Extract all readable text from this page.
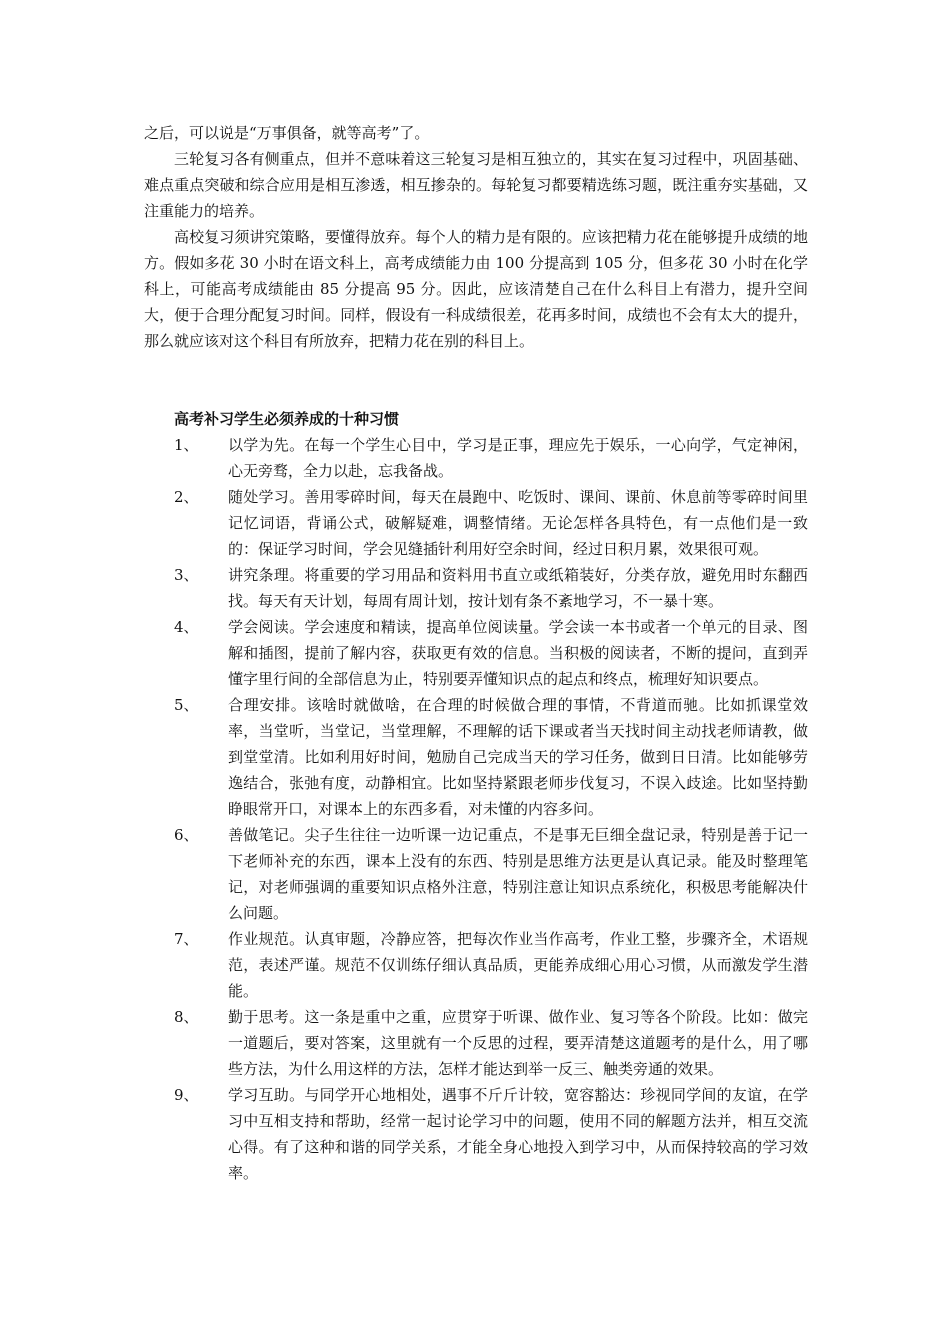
之后，可以说是“万事俱备，就等高考”了。

三轮复习各有侧重点，但并不意味着这三轮复习是相互独立的，其实在复习过程中，巩固基础、难点重点突破和综合应用是相互渗透，相互掺杂的。每轮复习都要精选练习题，既注重夯实基础，又注重能力的培养。

高校复习须讲究策略，要懂得放弃。每个人的精力是有限的。应该把精力花在能够提升成绩的地方。假如多花 30 小时在语文科上，高考成绩能力由 100 分提高到 105 分，但多花 30 小时在化学科上，可能高考成绩能由 85 分提高 95 分。因此，应该清楚自己在什么科目上有潜力，提升空间大，便于合理分配复习时间。同样，假设有一科成绩很差，花再多时间，成绩也不会有太大的提升，那么就应该对这个科目有所放弃，把精力花在别的科目上。

高考补习学生必须养成的十种习惯

1、	以学为先。在每一个学生心目中，学习是正事，理应先于娱乐，一心向学，气定神闲，心无旁骛，全力以赴，忘我备战。
2、	随处学习。善用零碎时间，每天在晨跑中、吃饭时、课间、课前、休息前等零碎时间里记忆词语，背诵公式，破解疑难，调整情绪。无论怎样各具特色，有一点他们是一致的：保证学习时间，学会见缝插针利用好空余时间，经过日积月累，效果很可观。
3、	讲究条理。将重要的学习用品和资料用书直立或纸箱装好，分类存放，避免用时东翻西找。每天有天计划，每周有周计划，按计划有条不紊地学习，不一暴十寒。
4、	学会阅读。学会速度和精读，提高单位阅读量。学会读一本书或者一个单元的目录、图解和插图，提前了解内容，获取更有效的信息。当积极的阅读者，不断的提问，直到弄懂字里行间的全部信息为止，特别要弄懂知识点的起点和终点，梳理好知识要点。
5、	合理安排。该啥时就做啥，在合理的时候做合理的事情，不背道而驰。比如抓课堂效率，当堂听，当堂记，当堂理解，不理解的话下课或者当天找时间主动找老师请教，做到堂堂清。比如利用好时间，勉励自己完成当天的学习任务，做到日日清。比如能够劳逸结合，张弛有度，动静相宜。比如坚持紧跟老师步伐复习，不误入歧途。比如坚持勤睁眼常开口，对课本上的东西多看，对未懂的内容多问。
6、	善做笔记。尖子生往往一边听课一边记重点，不是事无巨细全盘记录，特别是善于记一下老师补充的东西，课本上没有的东西、特别是思维方法更是认真记录。能及时整理笔记，对老师强调的重要知识点格外注意，特别注意让知识点系统化，积极思考能解决什么问题。
7、	作业规范。认真审题，冷静应答，把每次作业当作高考，作业工整，步骤齐全，术语规范，表述严谨。规范不仅训练仔细认真品质，更能养成细心用心习惯，从而激发学生潜能。
8、	勤于思考。这一条是重中之重，应贯穿于听课、做作业、复习等各个阶段。比如：做完一道题后，要对答案，这里就有一个反思的过程，要弄清楚这道题考的是什么，用了哪些方法，为什么用这样的方法，怎样才能达到举一反三、触类旁通的效果。
9、	学习互助。与同学开心地相处，遇事不斤斤计较，宽容豁达：珍视同学间的友谊，在学习中互相支持和帮助，经常一起讨论学习中的问题，使用不同的解题方法并，相互交流心得。有了这种和谐的同学关系，才能全身心地投入到学习中，从而保持较高的学习效率。
